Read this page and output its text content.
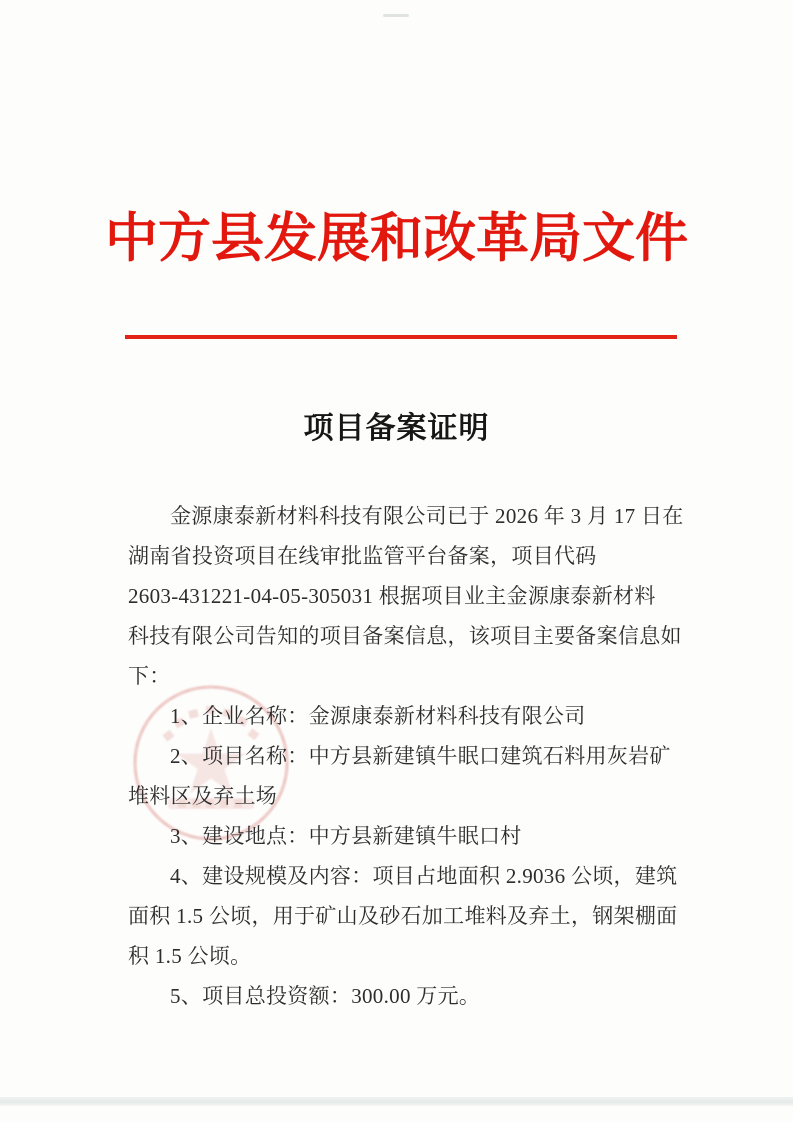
中方县发展和改革局文件
项目备案证明
金源康泰新材料科技有限公司已于 2026 年 3 月 17 日在
湖南省投资项目在线审批监管平台备案，项目代码
2603-431221-04-05-305031 根据项目业主金源康泰新材料
科技有限公司告知的项目备案信息，该项目主要备案信息如
下：
1、企业名称：金源康泰新材料科技有限公司
2、项目名称：中方县新建镇牛眠口建筑石料用灰岩矿
堆料区及弃土场
3、建设地点：中方县新建镇牛眠口村
4、建设规模及内容：项目占地面积 2.9036 公顷，建筑
面积 1.5 公顷，用于矿山及砂石加工堆料及弃土，钢架棚面
积 1.5 公顷。
5、项目总投资额：300.00 万元。
